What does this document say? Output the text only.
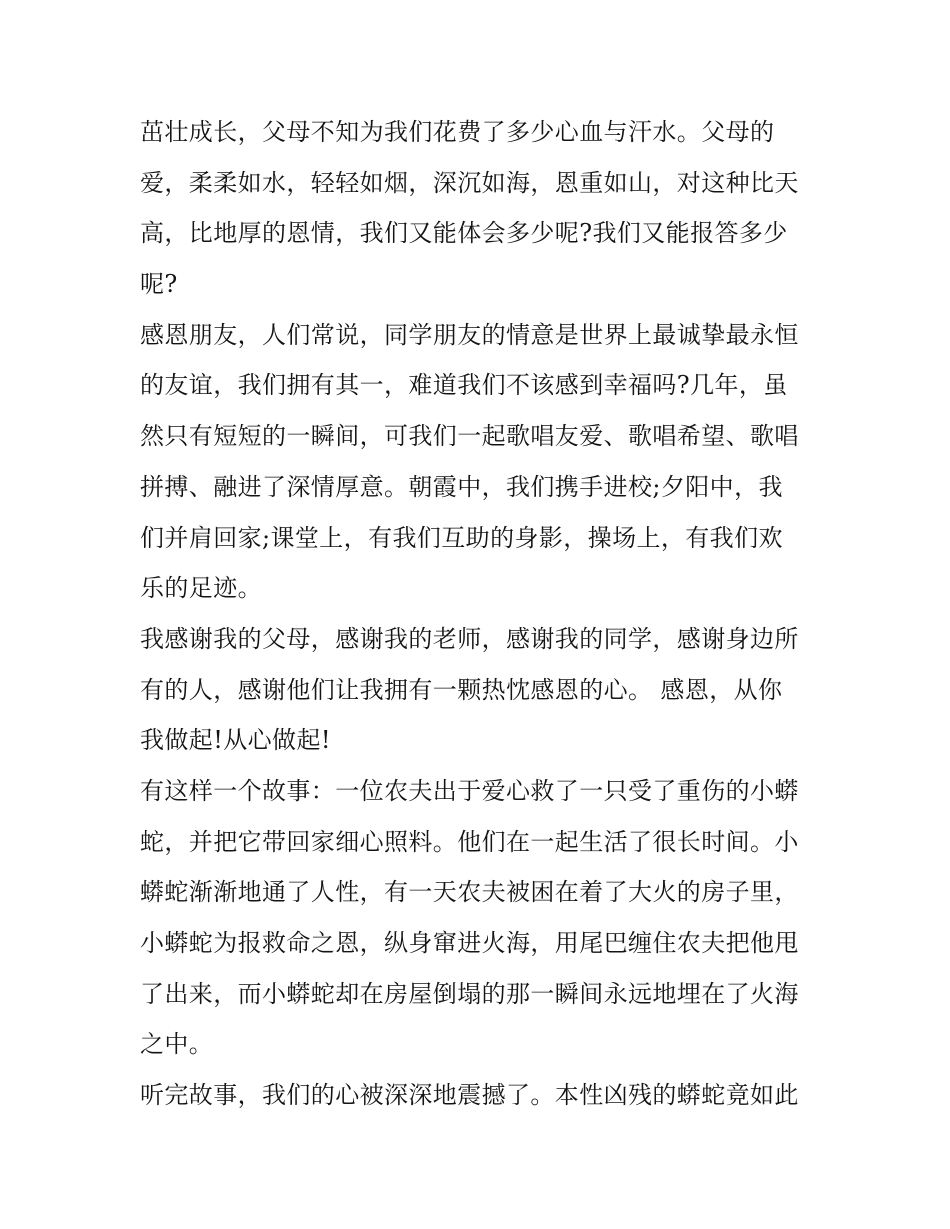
茁壮成长，父母不知为我们花费了多少心血与汗水。父母的
爱，柔柔如水，轻轻如烟，深沉如海，恩重如山，对这种比天
高，比地厚的恩情，我们又能体会多少呢?我们又能报答多少
呢?
感恩朋友，人们常说，同学朋友的情意是世界上最诚挚最永恒
的友谊，我们拥有其一，难道我们不该感到幸福吗?几年，虽
然只有短短的一瞬间，可我们一起歌唱友爱、歌唱希望、歌唱
拼搏、融进了深情厚意。朝霞中，我们携手进校;夕阳中，我
们并肩回家;课堂上，有我们互助的身影，操场上，有我们欢
乐的足迹。
我感谢我的父母，感谢我的老师，感谢我的同学，感谢身边所
有的人，感谢他们让我拥有一颗热忱感恩的心。 感恩，从你
我做起!从心做起!
有这样一个故事：一位农夫出于爱心救了一只受了重伤的小蟒
蛇，并把它带回家细心照料。他们在一起生活了很长时间。小
蟒蛇渐渐地通了人性，有一天农夫被困在着了大火的房子里，
小蟒蛇为报救命之恩，纵身窜进火海，用尾巴缠住农夫把他甩
了出来，而小蟒蛇却在房屋倒塌的那一瞬间永远地埋在了火海
之中。
听完故事，我们的心被深深地震撼了。本性凶残的蟒蛇竟如此
